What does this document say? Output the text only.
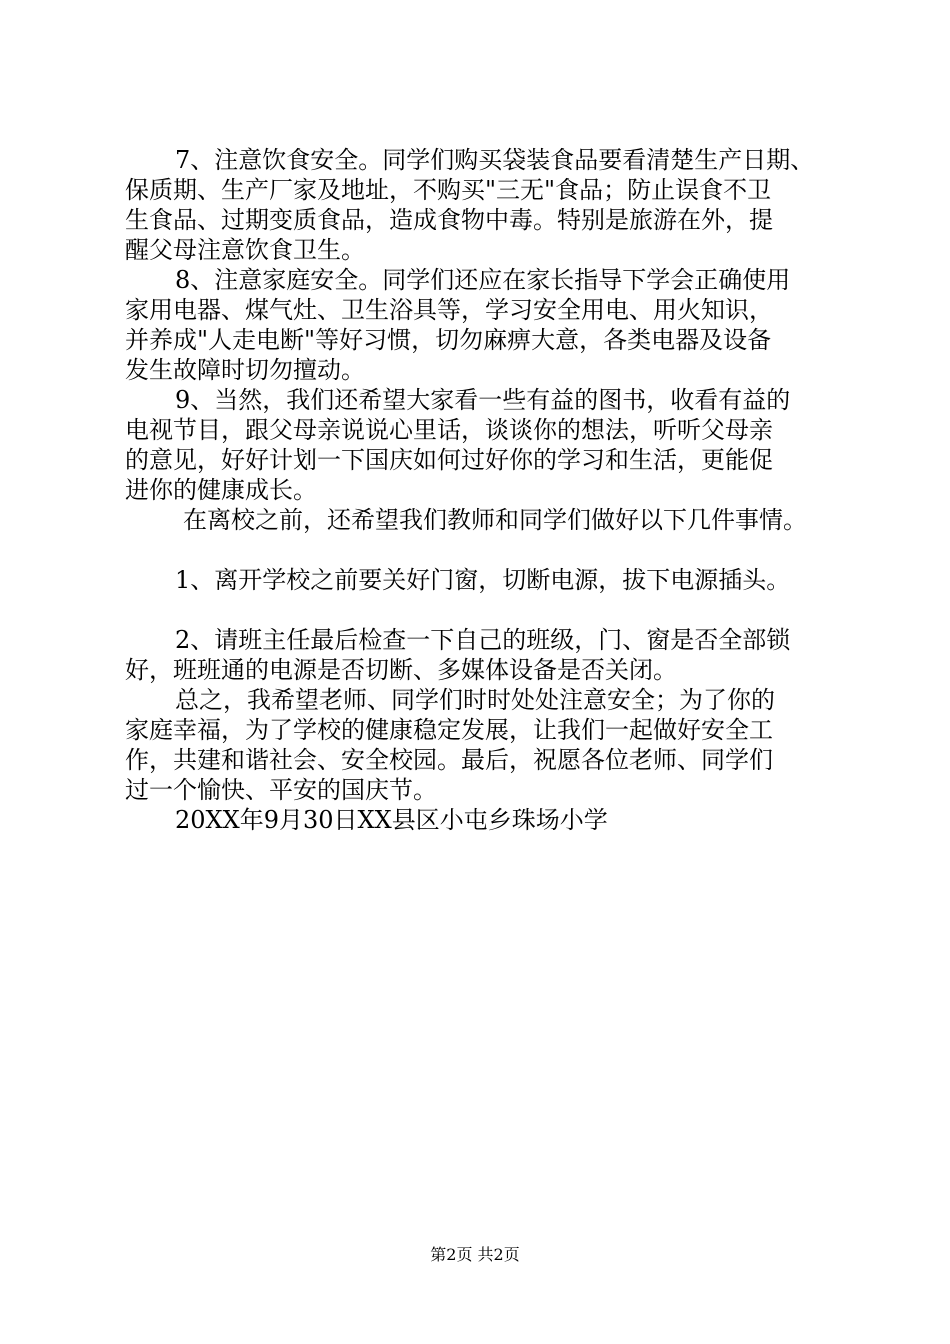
7、注意饮食安全。同学们购买袋装食品要看清楚生产日期、
保质期、生产厂家及地址，不购买"三无"食品；防止误食不卫
生食品、过期变质食品，造成食物中毒。特别是旅游在外，提
醒父母注意饮食卫生。
8、注意家庭安全。同学们还应在家长指导下学会正确使用
家用电器、煤气灶、卫生浴具等，学习安全用电、用火知识，
并养成"人走电断"等好习惯，切勿麻痹大意，各类电器及设备
发生故障时切勿擅动。
9、当然，我们还希望大家看一些有益的图书，收看有益的
电视节目，跟父母亲说说心里话，谈谈你的想法，听听父母亲
的意见，好好计划一下国庆如何过好你的学习和生活，更能促
进你的健康成长。
在离校之前，还希望我们教师和同学们做好以下几件事情。
1、离开学校之前要关好门窗，切断电源，拔下电源插头。
2、请班主任最后检查一下自己的班级，门、窗是否全部锁
好，班班通的电源是否切断、多媒体设备是否关闭。
总之，我希望老师、同学们时时处处注意安全；为了你的
家庭幸福，为了学校的健康稳定发展，让我们一起做好安全工
作，共建和谐社会、安全校园。最后，祝愿各位老师、同学们
过一个愉快、平安的国庆节。
20XX年9月30日XX县区小屯乡珠场小学
第2页 共2页
